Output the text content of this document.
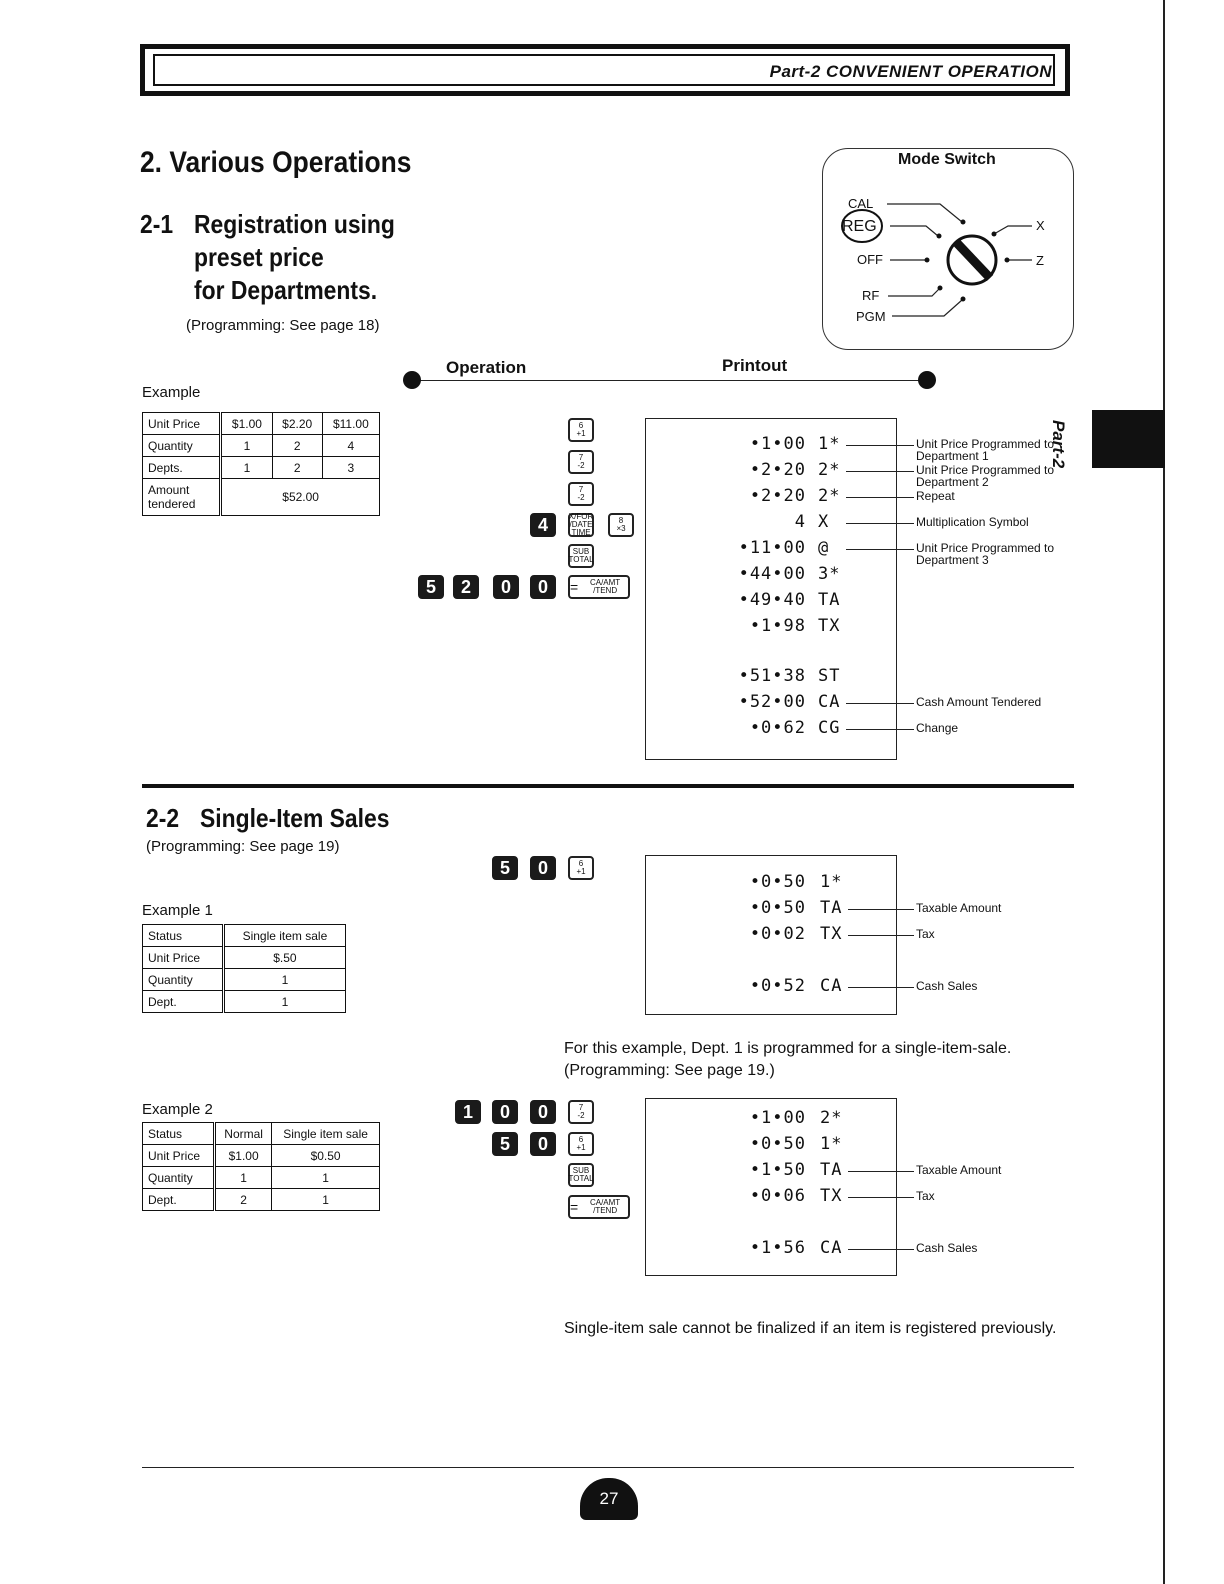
Part-2 CONVENIENT OPERATION
Part-2
2. Various Operations
2-1 Registration using
preset price
for Departments.
(Programming: See page 18)
Example
Unit Price	$1.00	$2.20	$11.00
Quantity	1	2	4
Depts.	1	2	3
Amount
tendered	$52.00		
Mode Switch
CAL
REG
OFF
RF
PGM
X
Z
Operation	Printout
6
+1
7
-2
7
-2
4	X/FOR /DATE TIME
8
×3
SUB
TOTAL
5	2	0	0	=	CA/AMT /TEND
•1•00 1*	Unit Price Programmed to Department 1
•2•20 2*	Unit Price Programmed to Department 2
•2•20 2*	Repeat
4 X	Multiplication Symbol
•11•00 @	Unit Price Programmed to Department 3
•44•00 3*
•49•40 TA
•1•98 TX
•51•38 ST
•52•00 CA	Cash Amount Tendered
•0•62 CG	Change
2-2 Single-Item Sales
(Programming: See page 19)
Example 1
Status	Single item sale
Unit Price	$.50
Quantity	1
Dept.	1
5	0	6
+1
•0•50 1*
•0•50 TA	Taxable Amount
•0•02 TX	Tax
•0•52 CA	Cash Sales
For this example, Dept. 1 is programmed for a single-item-sale.
(Programming: See page 19.)
Example 2
Status	Normal	Single item sale
Unit Price	$1.00	$0.50
Quantity	1	1
Dept.	2	1
1	0	0	7
-2
5	0	6
+1
SUB
TOTAL
=	CA/AMT /TEND
•1•00 2*
•0•50 1*
•1•50 TA	Taxable Amount
•0•06 TX	Tax
•1•56 CA	Cash Sales
Single-item sale cannot be finalized if an item is registered previously.
27
